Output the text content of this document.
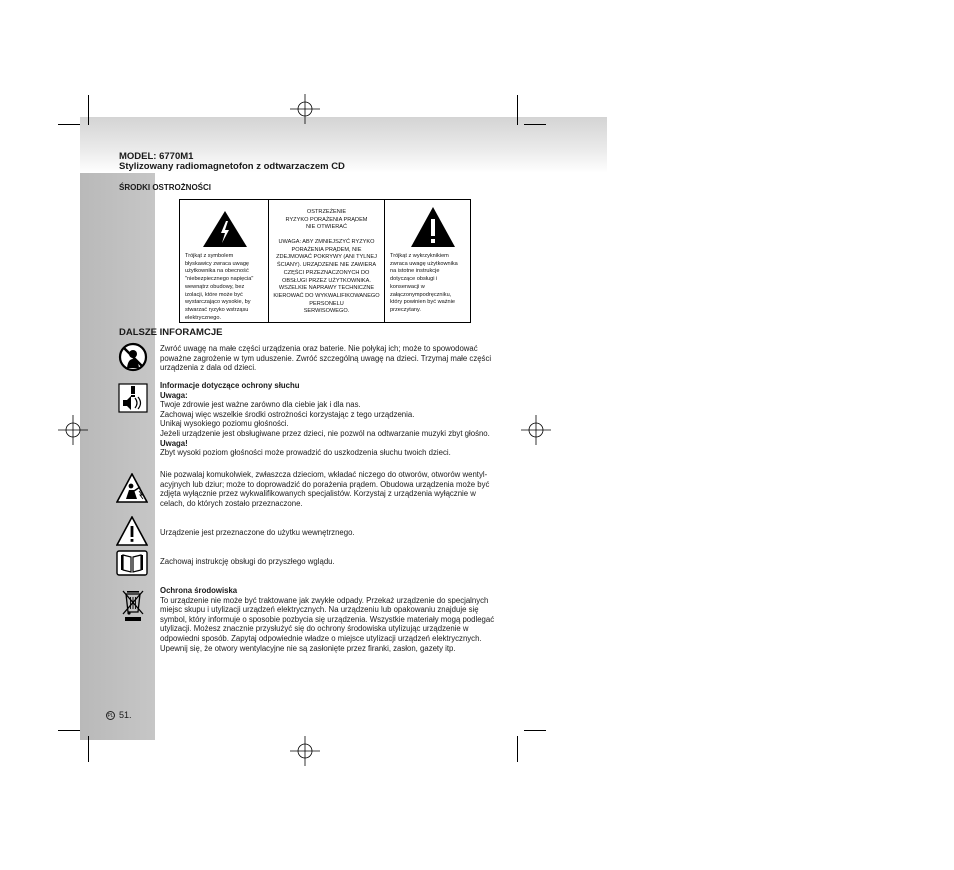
MODEL: 6770M1
Stylizowany radiomagnetofon z odtwarzaczem CD
ŚRODKI OSTROŻNOŚCI
Trójkąt z symbolem
błyskawicy zwraca uwagę
użytkownika na obecność
"niebezpiecznego napięcia"
wewnątrz obudowy, bez
izolacji, które może być
wystarczająco wysokie, by
stwarzać ryzyko wstrząsu
elektrycznego.
OSTRZEŻENIE
RYZYKO PORAŻENIA PRĄDEM
NIE OTWIERAĆ
UWAGA: ABY ZMNIEJSZYĆ RYZYKO
PORAŻENIA PRĄDEM, NIE
ZDEJMOWAĆ POKRYWY (ANI TYLNEJ
ŚCIANY). URZĄDZENIE NIE ZAWIERA
CZĘŚCI PRZEZNACZONYCH DO
OBSŁUGI PRZEZ UŻYTKOWNIKA.
WSZELKIE NAPRAWY TECHNICZNE
KIEROWAĆ DO WYKWALIFIKOWANEGO
PERSONELU
SERWISOWEGO.
Trójkąt z wykrzyknikiem
zwraca uwagę użytkownika
na istotne instrukcje
dotyczące obsługi i
konserwacji w
załączonympodręczniku,
który powinien być ważnie
przeczytany.
DALSZE INFORAMCJE
Zwróć uwagę na małe części urządzenia oraz baterie. Nie połykaj ich; może to spowodować
poważne zagrożenie w tym uduszenie. Zwróć szczególną uwagę na dzieci. Trzymaj małe części
urządzenia z dala od dzieci.
Informacje dotyczące ochrony słuchu
Uwaga:
Twoje zdrowie jest ważne zarówno dla ciebie jak i dla nas.
Zachowaj więc wszelkie środki ostrożności korzystając z tego urządzenia.
Unikaj wysokiego poziomu głośności.
Jeżeli urządzenie jest obsługiwane przez dzieci, nie pozwól na odtwarzanie muzyki zbyt głośno.
Uwaga!
Zbyt wysoki poziom głośności może prowadzić do uszkodzenia słuchu twoich dzieci.
Nie pozwalaj komukolwiek, zwłaszcza dzieciom, wkładać niczego do otworów, otworów wentyl-
acyjnych lub dziur; może to doprowadzić do porażenia prądem. Obudowa urządzenia może być
zdjęta wyłącznie przez wykwalifikowanych specjalistów. Korzystaj z urządzenia wyłącznie w
celach, do których zostało przeznaczone.
Urządzenie jest przeznaczone do użytku wewnętrznego.
Zachowaj instrukcję obsługi do przyszłego wglądu.
Ochrona środowiska
To urządzenie nie może być traktowane jak zwykłe odpady. Przekaż urządzenie do specjalnych
miejsc skupu i utylizacji urządzeń elektrycznych. Na urządzeniu lub opakowaniu znajduje się
symbol, który informuje o sposobie pozbycia się urządzenia. Wszystkie materiały mogą podlegać
utylizacji. Możesz znacznie przysłużyć się do ochrony środowiska utylizując urządzenie w
odpowiedni sposób. Zapytaj odpowiednie władze o miejsce utylizacji urządzeń elektrycznych.
Upewnij się, że otwory wentylacyjne nie są zasłonięte przez firanki, zasłon, gazety itp.
PL 51.
